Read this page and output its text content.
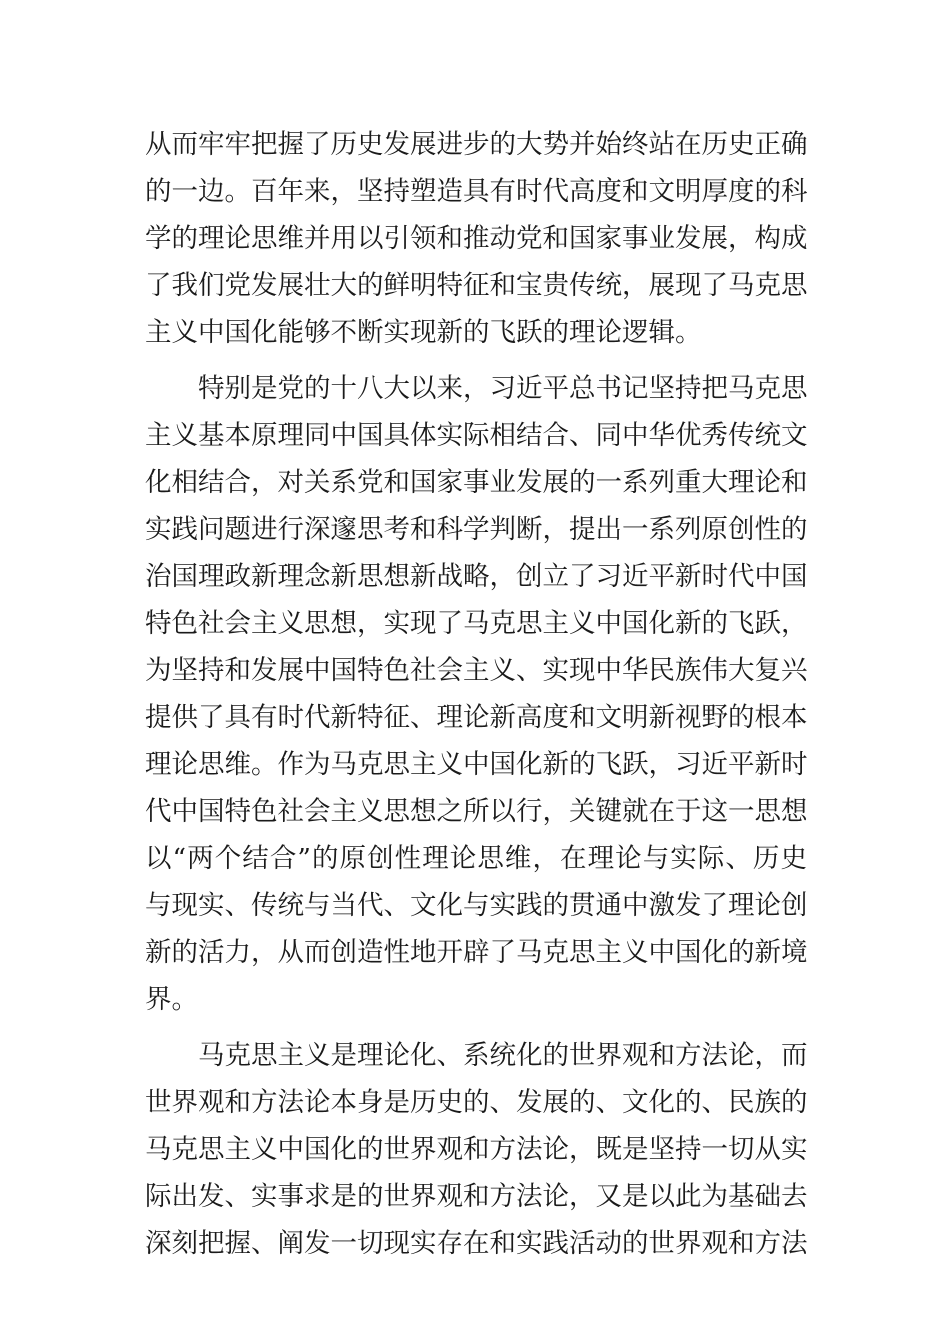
从而牢牢把握了历史发展进步的大势并始终站在历史正确
的一边。百年来，坚持塑造具有时代高度和文明厚度的科
学的理论思维并用以引领和推动党和国家事业发展，构成
了我们党发展壮大的鲜明特征和宝贵传统，展现了马克思
主义中国化能够不断实现新的飞跃的理论逻辑。
特别是党的十八大以来，习近平总书记坚持把马克思
主义基本原理同中国具体实际相结合、同中华优秀传统文
化相结合，对关系党和国家事业发展的一系列重大理论和
实践问题进行深邃思考和科学判断，提出一系列原创性的
治国理政新理念新思想新战略，创立了习近平新时代中国
特色社会主义思想，实现了马克思主义中国化新的飞跃，
为坚持和发展中国特色社会主义、实现中华民族伟大复兴
提供了具有时代新特征、理论新高度和文明新视野的根本
理论思维。作为马克思主义中国化新的飞跃，习近平新时
代中国特色社会主义思想之所以行，关键就在于这一思想
以“两个结合”的原创性理论思维，在理论与实际、历史
与现实、传统与当代、文化与实践的贯通中激发了理论创
新的活力，从而创造性地开辟了马克思主义中国化的新境
界。
马克思主义是理论化、系统化的世界观和方法论，而
世界观和方法论本身是历史的、发展的、文化的、民族的
马克思主义中国化的世界观和方法论，既是坚持一切从实
际出发、实事求是的世界观和方法论，又是以此为基础去
深刻把握、阐发一切现实存在和实践活动的世界观和方法
